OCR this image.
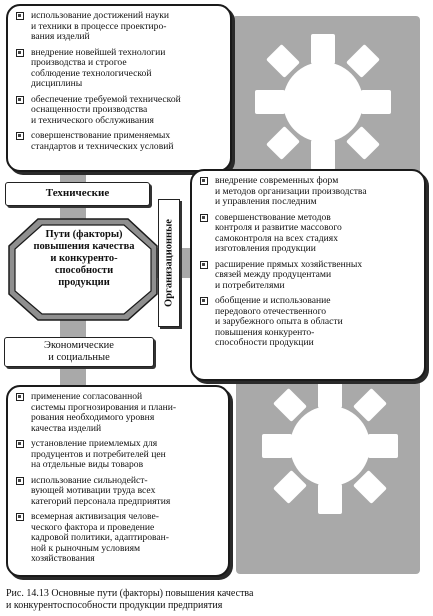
использование достижений науки
и техники в процессе проектиро-
вания изделий
внедрение новейшей технологии
производства и строгое
соблюдение технологической
дисциплины
обеспечение требуемой технической
оснащенности производства
и технического обслуживания
совершенствование применяемых
стандартов и технических условий
внедрение современных форм
и методов организации производства
и управления последним
совершенствование методов
контроля и развитие массового
самоконтроля на всех стадиях
изготовления продукции
расширение прямых хозяйственных
связей между продуцентами
и потребителями
обобщение и использование
передового отечественного
и зарубежного опыта в области
повышения конкуренто-
способности продукции
применение согласованной
системы прогнозирования и плани-
рования необходимого уровня
качества изделий
установление приемлемых для
продуцентов и потребителей цен
на отдельные виды товаров
использование сильнодейст-
вующей мотивации труда всех
категорий персонала предприятия
всемерная активизация челове-
ческого фактора и проведение
кадровой политики, адаптирован-
ной к рыночным условиям
хозяйствования
Технические
Экономические
и социальные
Организационные
Пути (факторы)
повышения качества
и конкуренто-
способности
продукции
Рис. 14.13 Основные пути (факторы) повышения качества
и конкурентоспособности продукции предприятия
